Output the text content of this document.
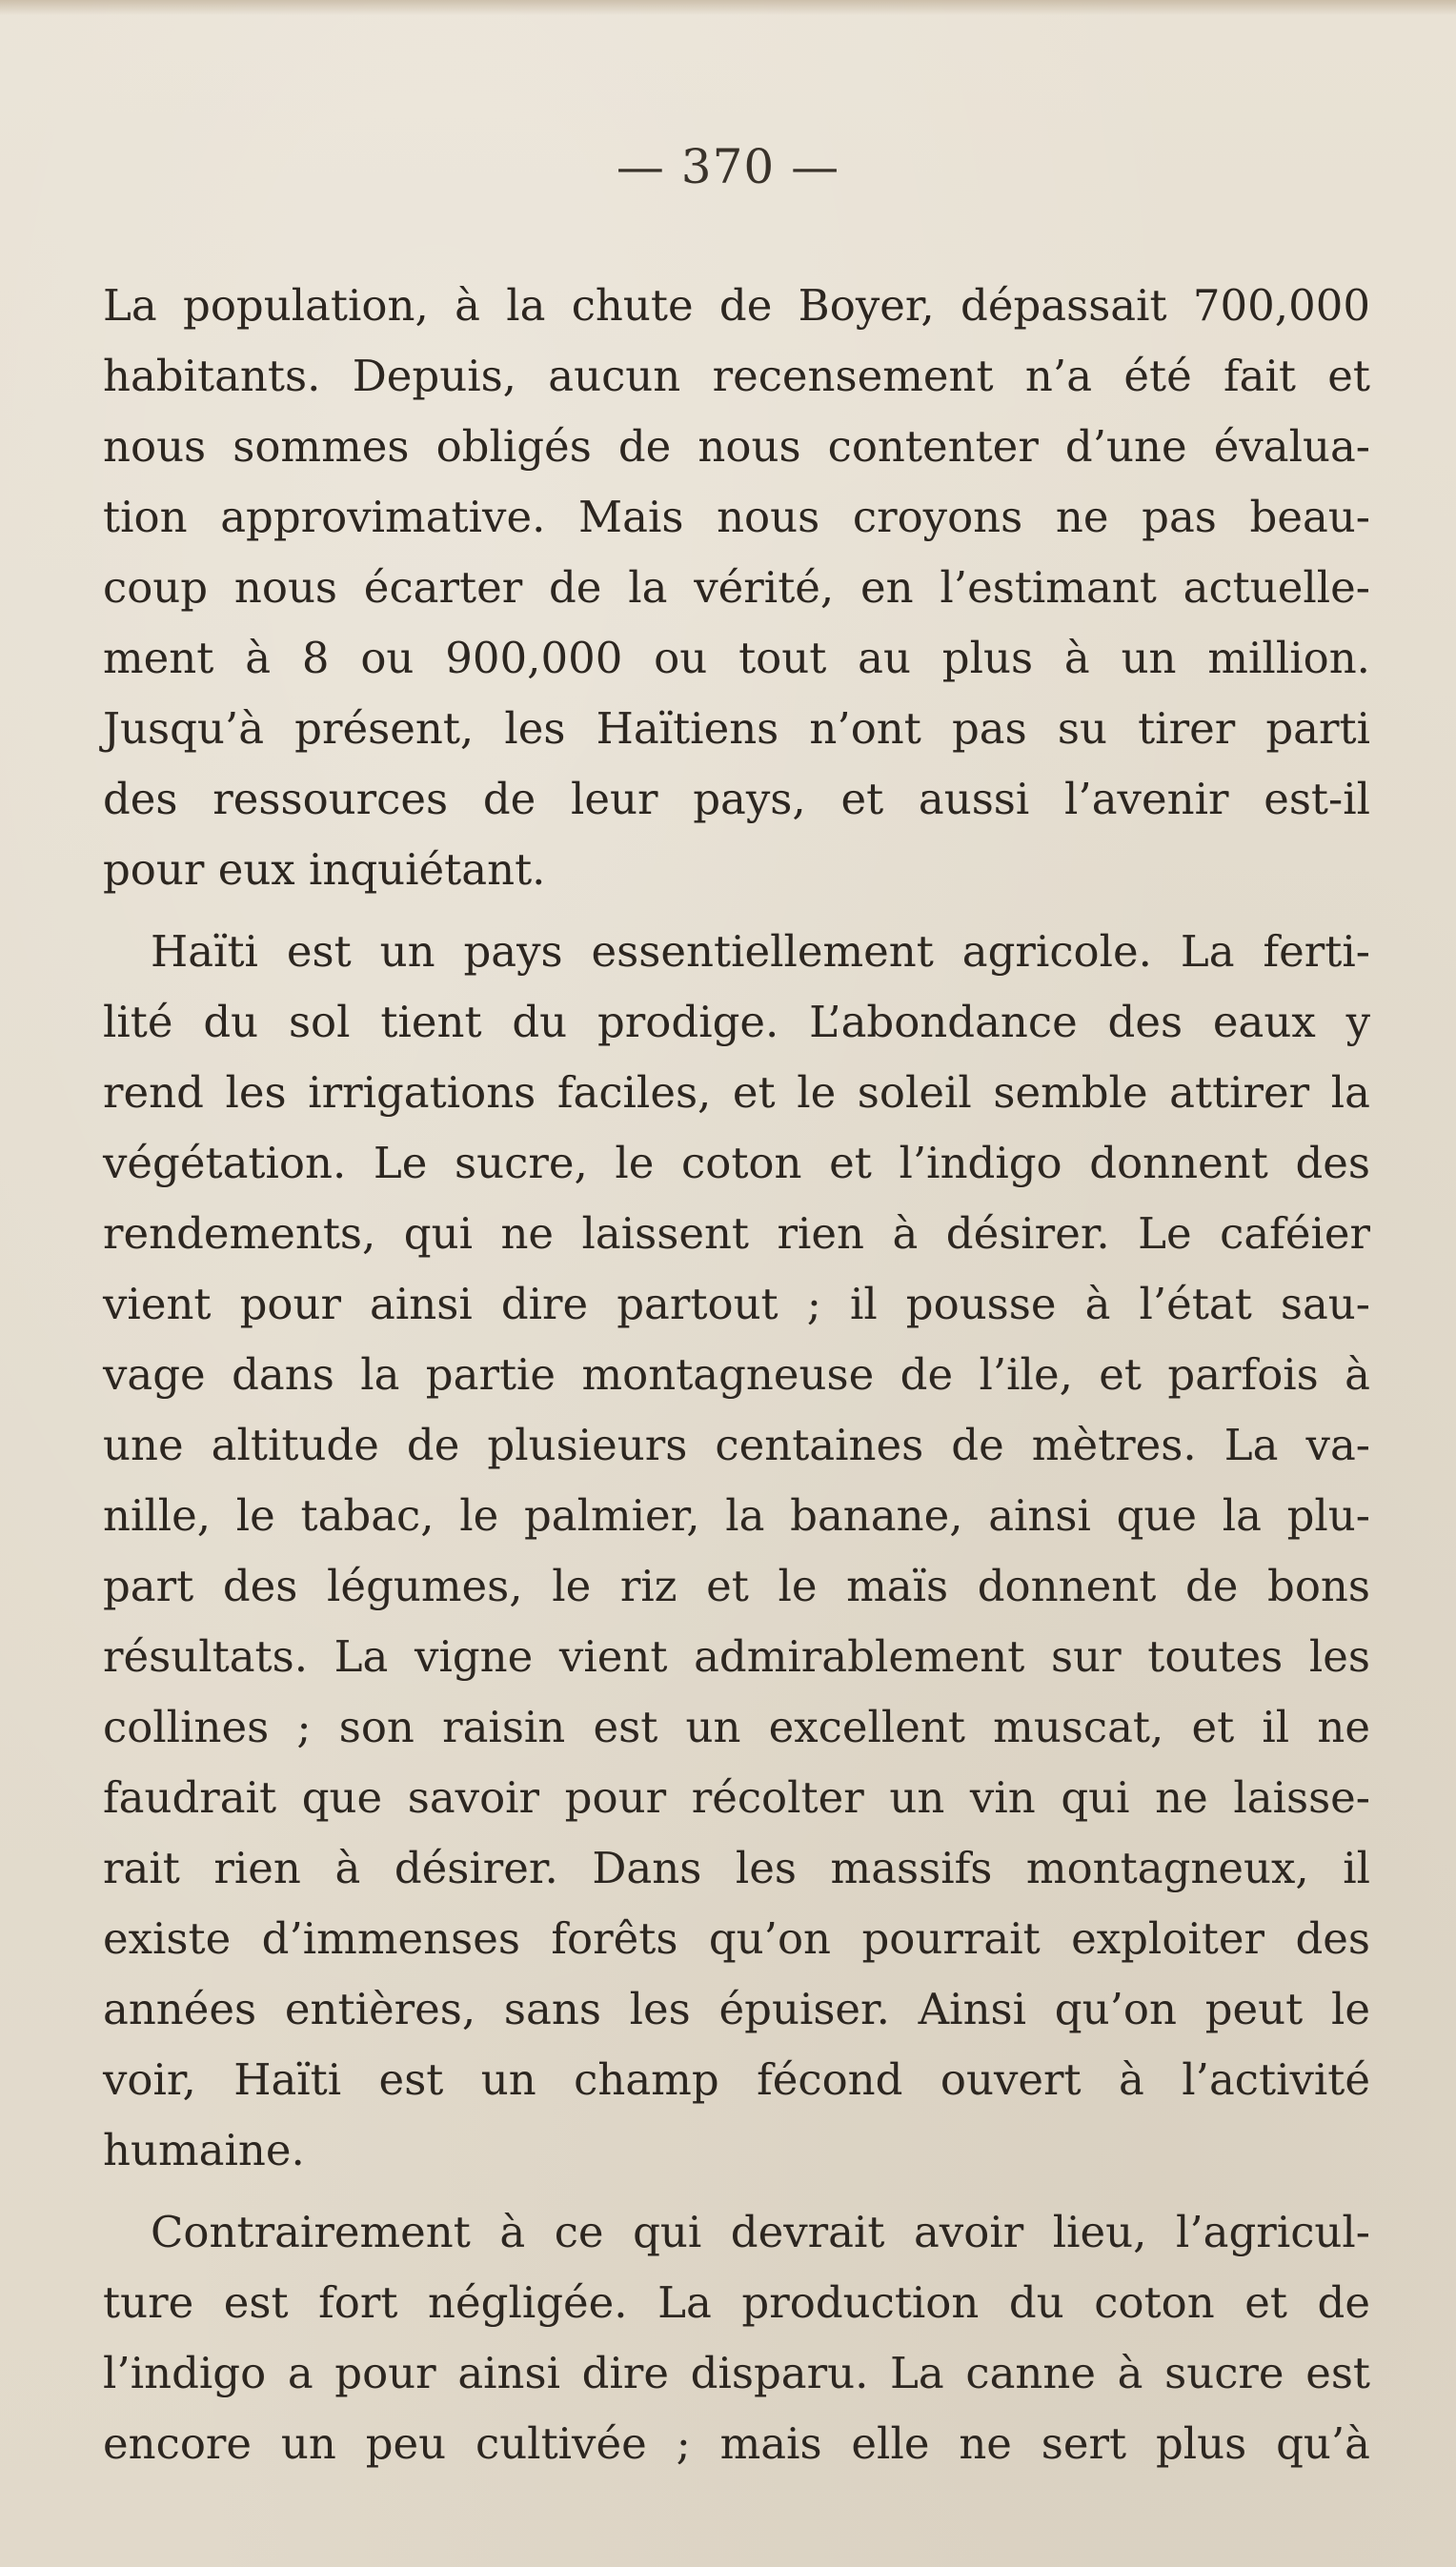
— 370 —
La population, à la chute de Boyer, dépassait 700,000
habitants. Depuis, aucun recensement n’a été fait et
nous sommes obligés de nous contenter d’une évalua-
tion approvimative. Mais nous croyons ne pas beau-
coup nous écarter de la vérité, en l’estimant actuelle-
ment à 8 ou 900,000 ou tout au plus à un million.
Jusqu’à présent, les Haïtiens n’ont pas su tirer parti
des ressources de leur pays, et aussi l’avenir est-il
pour eux inquiétant.
Haïti est un pays essentiellement agricole. La ferti-
lité du sol tient du prodige. L’abondance des eaux y
rend les irrigations faciles, et le soleil semble attirer la
végétation. Le sucre, le coton et l’indigo donnent des
rendements, qui ne laissent rien à désirer. Le caféier
vient pour ainsi dire partout ; il pousse à l’état sau-
vage dans la partie montagneuse de l’ile, et parfois à
une altitude de plusieurs centaines de mètres. La va-
nille, le tabac, le palmier, la banane, ainsi que la plu-
part des légumes, le riz et le maïs donnent de bons
résultats. La vigne vient admirablement sur toutes les
collines ; son raisin est un excellent muscat, et il ne
faudrait que savoir pour récolter un vin qui ne laisse-
rait rien à désirer. Dans les massifs montagneux, il
existe d’immenses forêts qu’on pourrait exploiter des
années entières, sans les épuiser. Ainsi qu’on peut le
voir, Haïti est un champ fécond ouvert à l’activité
humaine.
Contrairement à ce qui devrait avoir lieu, l’agricul-
ture est fort négligée. La production du coton et de
l’indigo a pour ainsi dire disparu. La canne à sucre est
encore un peu cultivée ; mais elle ne sert plus qu’à
